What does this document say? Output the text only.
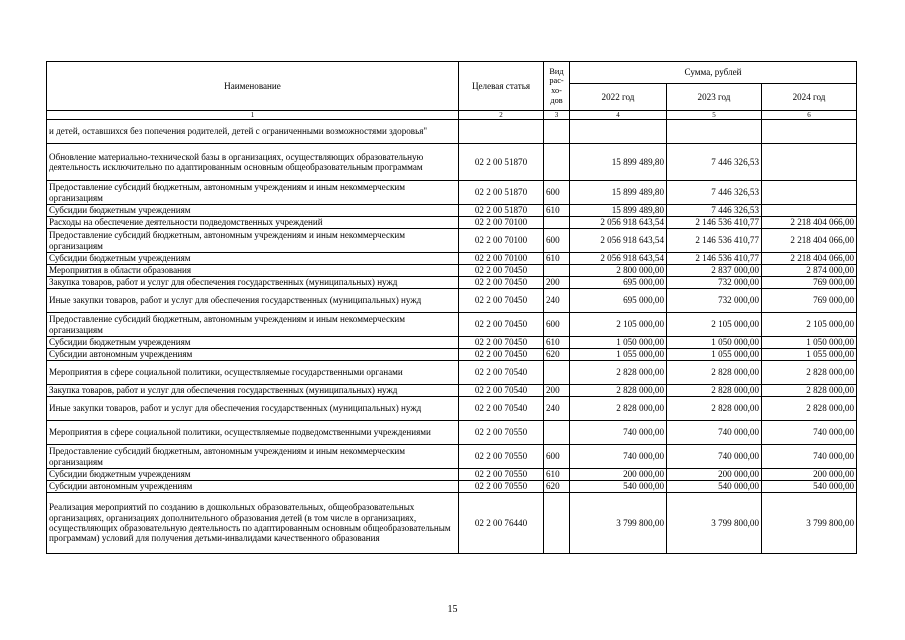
Наименование	Целевая статья	Вид рас-хо-дов	Сумма, рублей		
			2022 год	2023 год	2024 год
1	2	3	4	5	6
и детей, оставшихся без попечения родителей, детей с ограниченными возможностями здоровья"					
Обновление материально-технической базы в организациях, осуществляющих образовательную деятельность исключительно по адаптированным основным общеобразовательным программам	02 2 00 51870		15 899 489,80	7 446 326,53	
Предоставление субсидий бюджетным, автономным учреждениям и иным некоммерческим организациям	02 2 00 51870	600	15 899 489,80	7 446 326,53	
Субсидии бюджетным учреждениям	02 2 00 51870	610	15 899 489,80	7 446 326,53	
Расходы на обеспечение деятельности подведомственных учреждений	02 2 00 70100		2 056 918 643,54	2 146 536 410,77	2 218 404 066,00
Предоставление субсидий бюджетным, автономным учреждениям и иным некоммерческим организациям	02 2 00 70100	600	2 056 918 643,54	2 146 536 410,77	2 218 404 066,00
Субсидии бюджетным учреждениям	02 2 00 70100	610	2 056 918 643,54	2 146 536 410,77	2 218 404 066,00
Мероприятия в области образования	02 2 00 70450		2 800 000,00	2 837 000,00	2 874 000,00
Закупка товаров, работ и услуг для обеспечения государственных (муниципальных) нужд	02 2 00 70450	200	695 000,00	732 000,00	769 000,00
Иные закупки товаров, работ и услуг для обеспечения государственных (муниципальных) нужд	02 2 00 70450	240	695 000,00	732 000,00	769 000,00
Предоставление субсидий бюджетным, автономным учреждениям и иным некоммерческим организациям	02 2 00 70450	600	2 105 000,00	2 105 000,00	2 105 000,00
Субсидии бюджетным учреждениям	02 2 00 70450	610	1 050 000,00	1 050 000,00	1 050 000,00
Субсидии автономным учреждениям	02 2 00 70450	620	1 055 000,00	1 055 000,00	1 055 000,00
Мероприятия в сфере социальной политики, осуществляемые государственными органами	02 2 00 70540		2 828 000,00	2 828 000,00	2 828 000,00
Закупка товаров, работ и услуг для обеспечения государственных (муниципальных) нужд	02 2 00 70540	200	2 828 000,00	2 828 000,00	2 828 000,00
Иные закупки товаров, работ и услуг для обеспечения государственных (муниципальных) нужд	02 2 00 70540	240	2 828 000,00	2 828 000,00	2 828 000,00
Мероприятия в сфере социальной политики, осуществляемые подведомственными учреждениями	02 2 00 70550		740 000,00	740 000,00	740 000,00
Предоставление субсидий бюджетным, автономным учреждениям и иным некоммерческим организациям	02 2 00 70550	600	740 000,00	740 000,00	740 000,00
Субсидии бюджетным учреждениям	02 2 00 70550	610	200 000,00	200 000,00	200 000,00
Субсидии автономным учреждениям	02 2 00 70550	620	540 000,00	540 000,00	540 000,00
Реализация мероприятий по созданию в дошкольных образовательных, общеобразовательных организациях, организациях дополнительного образования детей (в том числе в организациях, осуществляющих образовательную деятельность по адаптированным основным общеобразовательным программам) условий для получения детьми-инвалидами качественного образования	02 2 00 76440		3 799 800,00	3 799 800,00	3 799 800,00
15
